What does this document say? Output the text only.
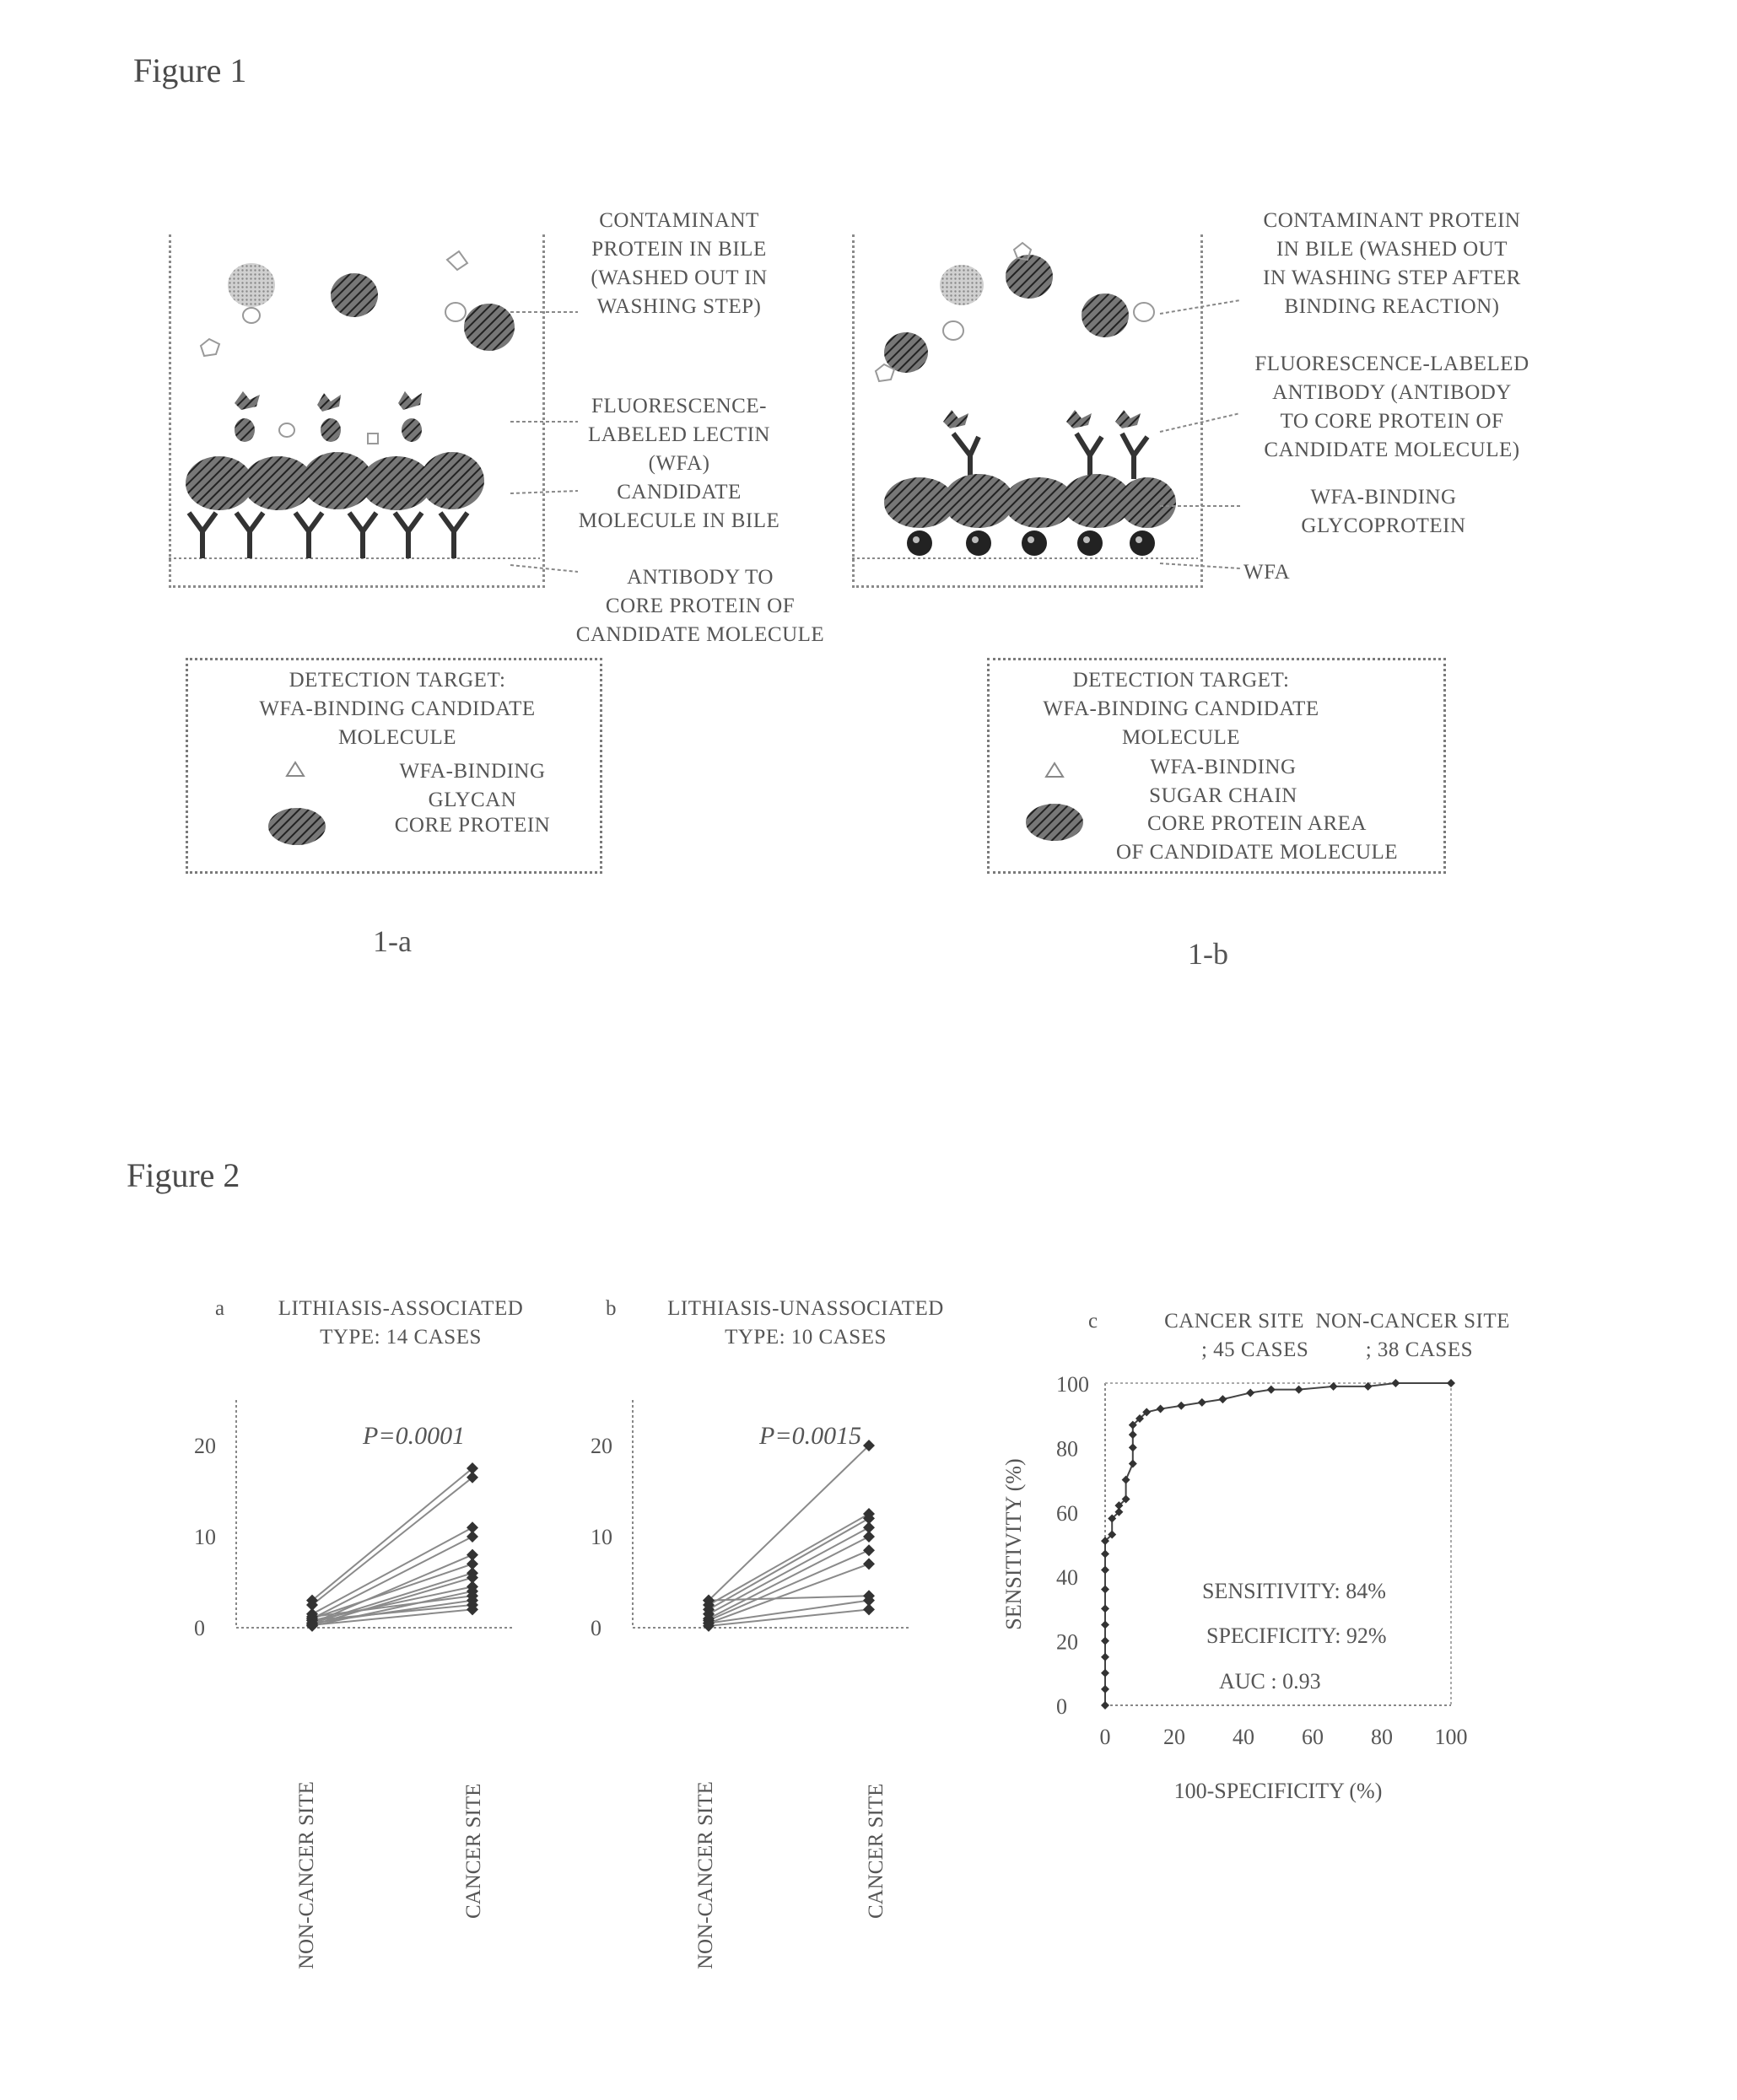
Figure 1
CONTAMINANT
PROTEIN IN BILE
(WASHED OUT IN
WASHING STEP)
FLUORESCENCE-
LABELED LECTIN
(WFA)
CANDIDATE
MOLECULE IN BILE
ANTIBODY TO
CORE PROTEIN OF
CANDIDATE MOLECULE
DETECTION TARGET:
WFA-BINDING CANDIDATE
MOLECULE
WFA-BINDING
GLYCAN
CORE PROTEIN
1-a
CONTAMINANT PROTEIN
IN BILE (WASHED OUT
IN WASHING STEP AFTER
BINDING REACTION)
FLUORESCENCE-LABELED
ANTIBODY (ANTIBODY
TO CORE PROTEIN OF
CANDIDATE MOLECULE)
WFA-BINDING
GLYCOPROTEIN
WFA
DETECTION TARGET:
WFA-BINDING CANDIDATE
MOLECULE
WFA-BINDING
SUGAR CHAIN
CORE PROTEIN AREA
OF CANDIDATE MOLECULE
1-b
Figure 2
a	LITHIASIS-ASSOCIATED
TYPE: 14 CASES
b	LITHIASIS-UNASSOCIATED
TYPE: 10 CASES
c	CANCER SITE  NON-CANCER SITE
; 45 CASES          ; 38 CASES
0
10
20	P=0.0001
0
10
20	P=0.0015
0
20
40
60
80
100
0 20 40 60 80 100
100-SPECIFICITY (%)
SENSITIVITY (%)	SENSITIVITY: 84%
SPECIFICITY: 92%
AUC : 0.93
NON-CANCER SITE	CANCER SITE	NON-CANCER SITE	CANCER SITE
